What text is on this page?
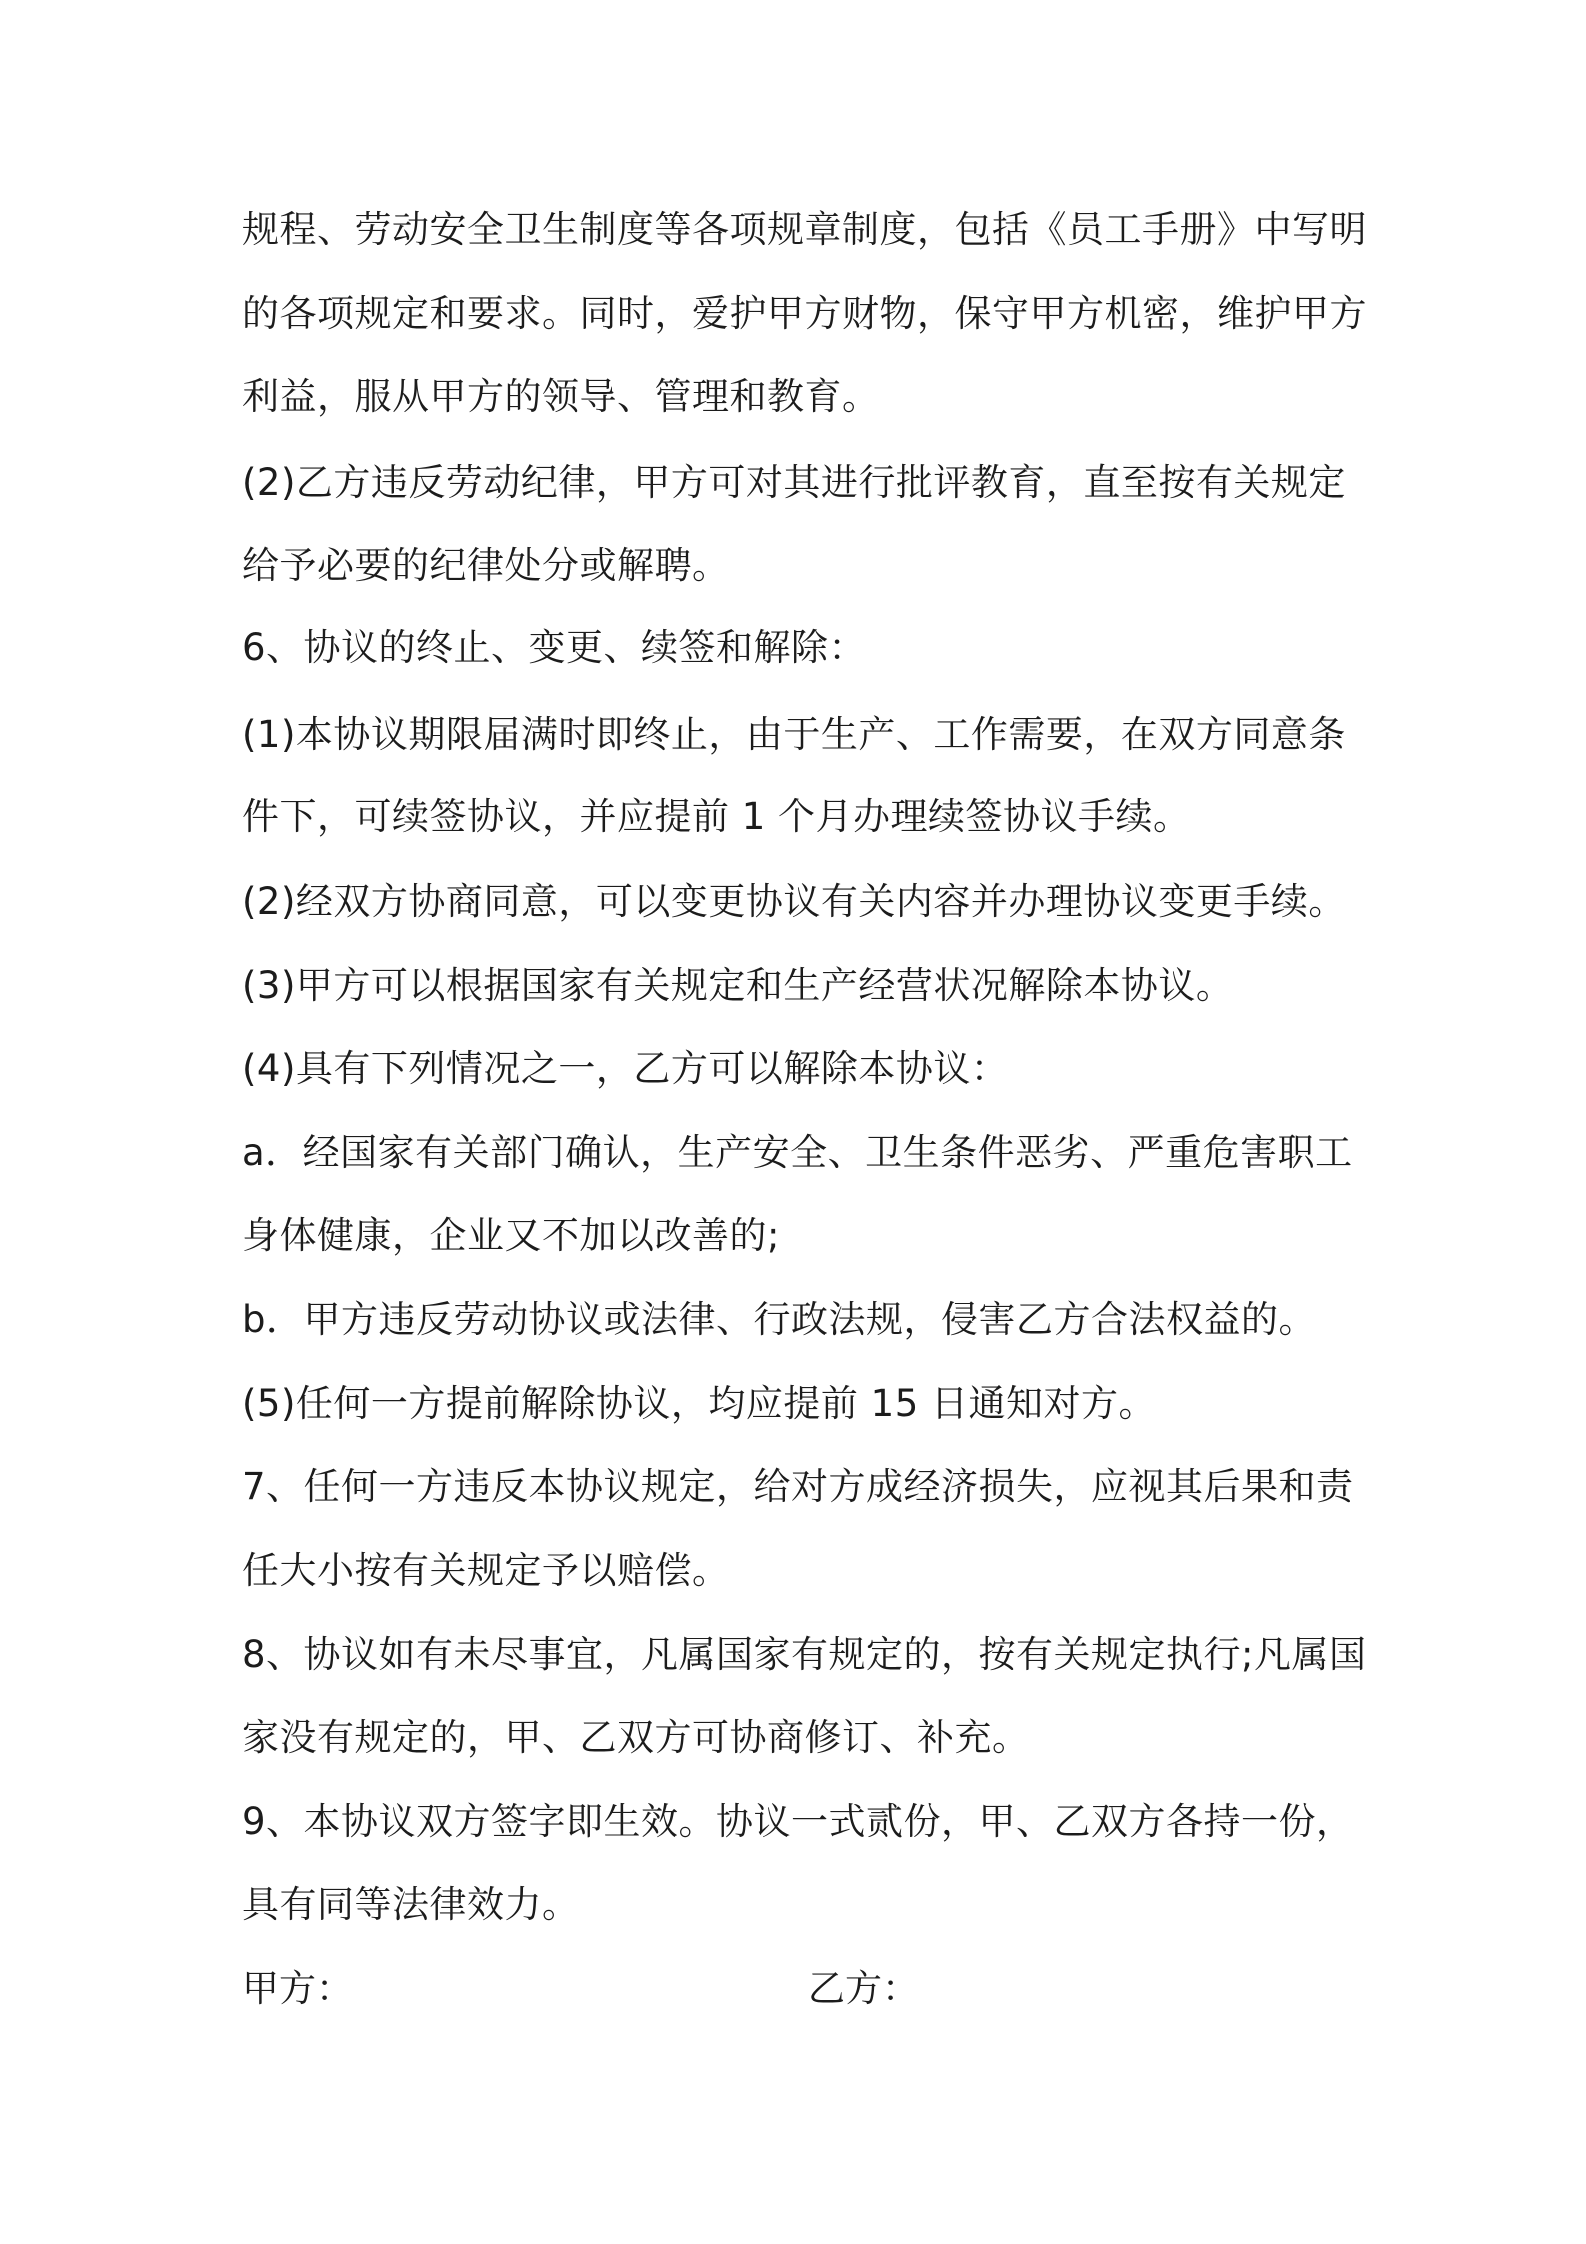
规程、劳动安全卫生制度等各项规章制度，包括《员工手册》中写明
的各项规定和要求。同时，爱护甲方财物，保守甲方机密，维护甲方
利益，服从甲方的领导、管理和教育。
(2)乙方违反劳动纪律，甲方可对其进行批评教育，直至按有关规定
给予必要的纪律处分或解聘。
6、协议的终止、变更、续签和解除：
(1)本协议期限届满时即终止，由于生产、工作需要，在双方同意条
件下，可续签协议，并应提前 1 个月办理续签协议手续。
(2)经双方协商同意，可以变更协议有关内容并办理协议变更手续。
(3)甲方可以根据国家有关规定和生产经营状况解除本协议。
(4)具有下列情况之一，乙方可以解除本协议：
a．经国家有关部门确认，生产安全、卫生条件恶劣、严重危害职工
身体健康，企业又不加以改善的;
b．甲方违反劳动协议或法律、行政法规，侵害乙方合法权益的。
(5)任何一方提前解除协议，均应提前 15 日通知对方。
7、任何一方违反本协议规定，给对方成经济损失，应视其后果和责
任大小按有关规定予以赔偿。
8、协议如有未尽事宜，凡属国家有规定的，按有关规定执行;凡属国
家没有规定的，甲、乙双方可协商修订、补充。
9、本协议双方签字即生效。协议一式贰份，甲、乙双方各持一份，
具有同等法律效力。
甲方：	乙方：
